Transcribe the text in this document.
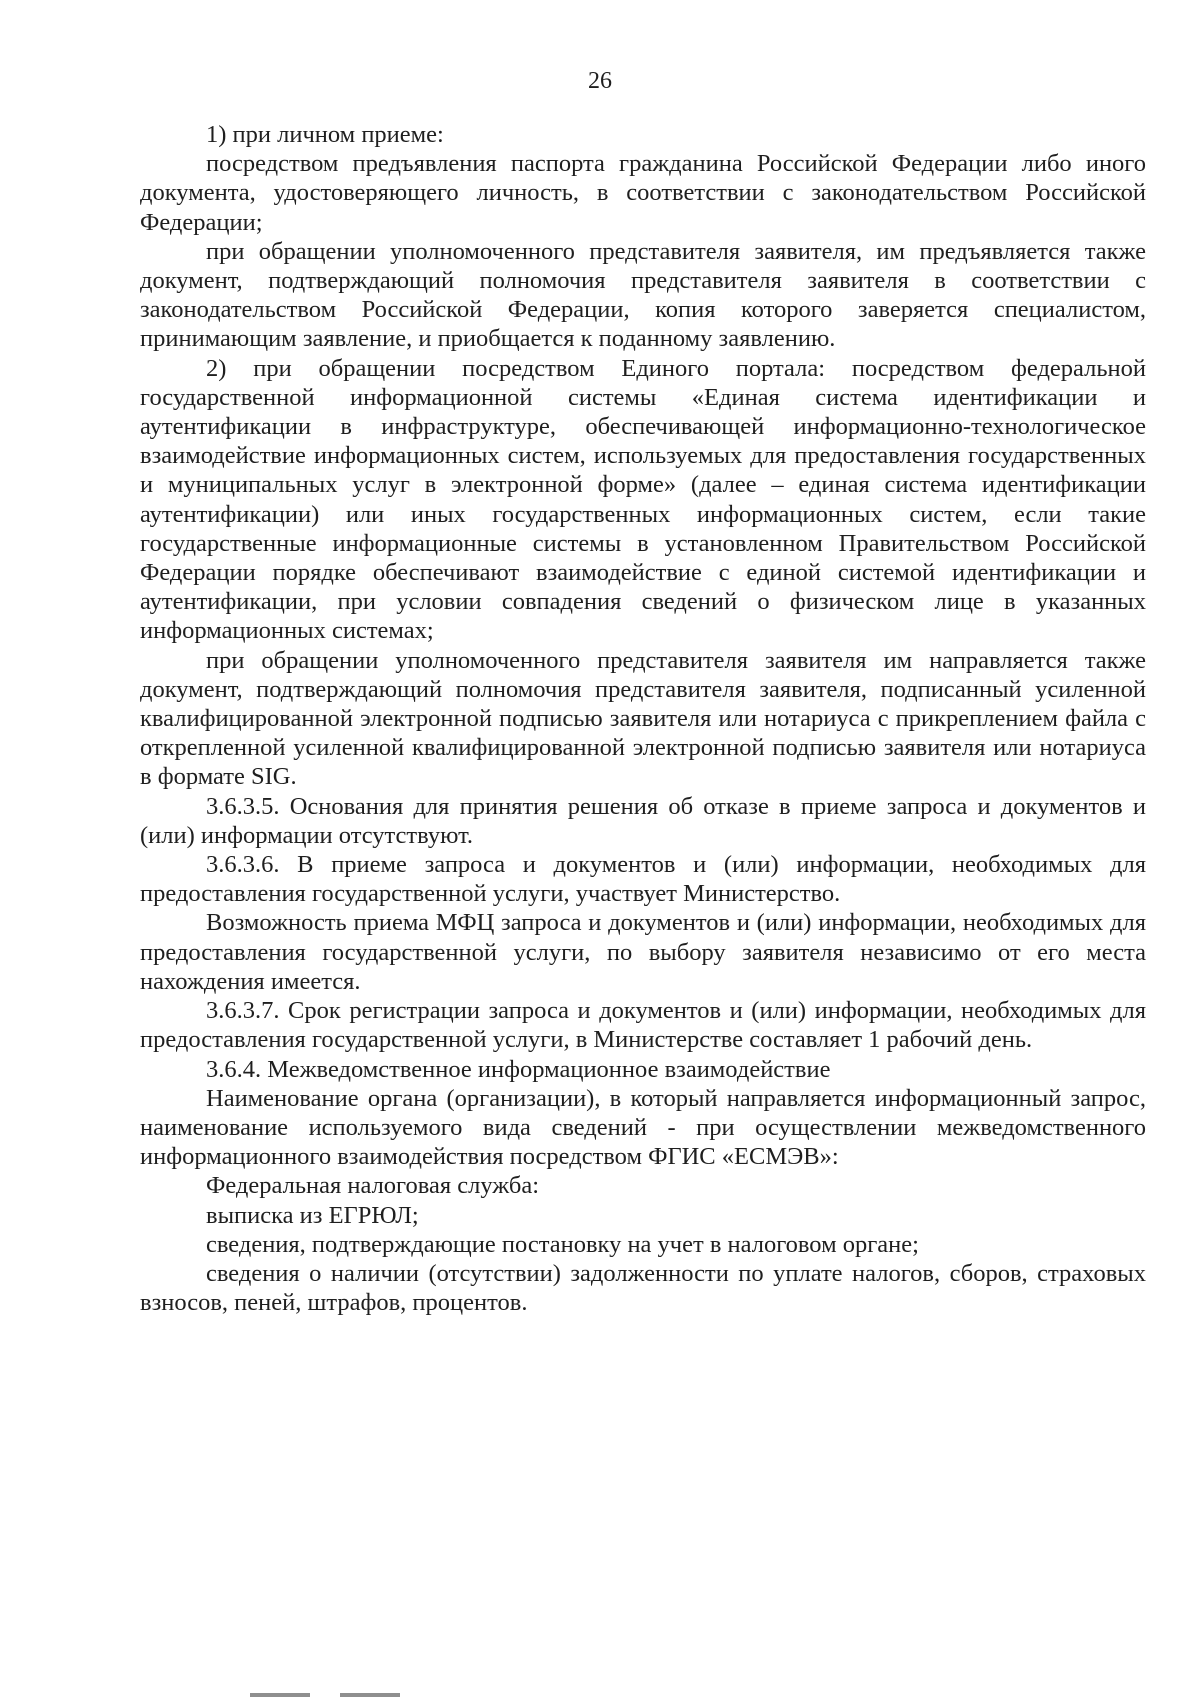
26

1) при личном приеме:

посредством предъявления паспорта гражданина Российской Федерации либо иного документа, удостоверяющего личность, в соответствии с законодательством Российской Федерации;

при обращении уполномоченного представителя заявителя, им предъявляется также документ, подтверждающий полномочия представителя заявителя в соответствии с законодательством Российской Федерации, копия которого заверяется специалистом, принимающим заявление, и приобщается к поданному заявлению.

2) при обращении посредством Единого портала: посредством федеральной государственной информационной системы «Единая система идентификации и аутентификации в инфраструктуре, обеспечивающей информационно-технологическое взаимодействие информационных систем, используемых для предоставления государственных и муниципальных услуг в электронной форме» (далее – единая система идентификации аутентификации) или иных государственных информационных систем, если такие государственные информационные системы в установленном Правительством Российской Федерации порядке обеспечивают взаимодействие с единой системой идентификации и аутентификации, при условии совпадения сведений о физическом лице в указанных информационных системах;

при обращении уполномоченного представителя заявителя им направляется также документ, подтверждающий полномочия представителя заявителя, подписанный усиленной квалифицированной электронной подписью заявителя или нотариуса с прикреплением файла с открепленной усиленной квалифицированной электронной подписью заявителя или нотариуса в формате SIG.

3.6.3.5. Основания для принятия решения об отказе в приеме запроса и документов и (или) информации отсутствуют.

3.6.3.6. В приеме запроса и документов и (или) информации, необходимых для предоставления государственной услуги, участвует Министерство.

Возможность приема МФЦ запроса и документов и (или) информации, необходимых для предоставления государственной услуги, по выбору заявителя независимо от его места нахождения имеется.

3.6.3.7. Срок регистрации запроса и документов и (или) информации, необходимых для предоставления государственной услуги, в Министерстве составляет 1 рабочий день.

3.6.4. Межведомственное информационное взаимодействие

Наименование органа (организации), в который направляется информационный запрос, наименование используемого вида сведений - при осуществлении межведомственного информационного взаимодействия посредством ФГИС «ЕСМЭВ»:

Федеральная налоговая служба:

выписка из ЕГРЮЛ;

сведения, подтверждающие постановку на учет в налоговом органе;

сведения о наличии (отсутствии) задолженности по уплате налогов, сборов, страховых взносов, пеней, штрафов, процентов.
